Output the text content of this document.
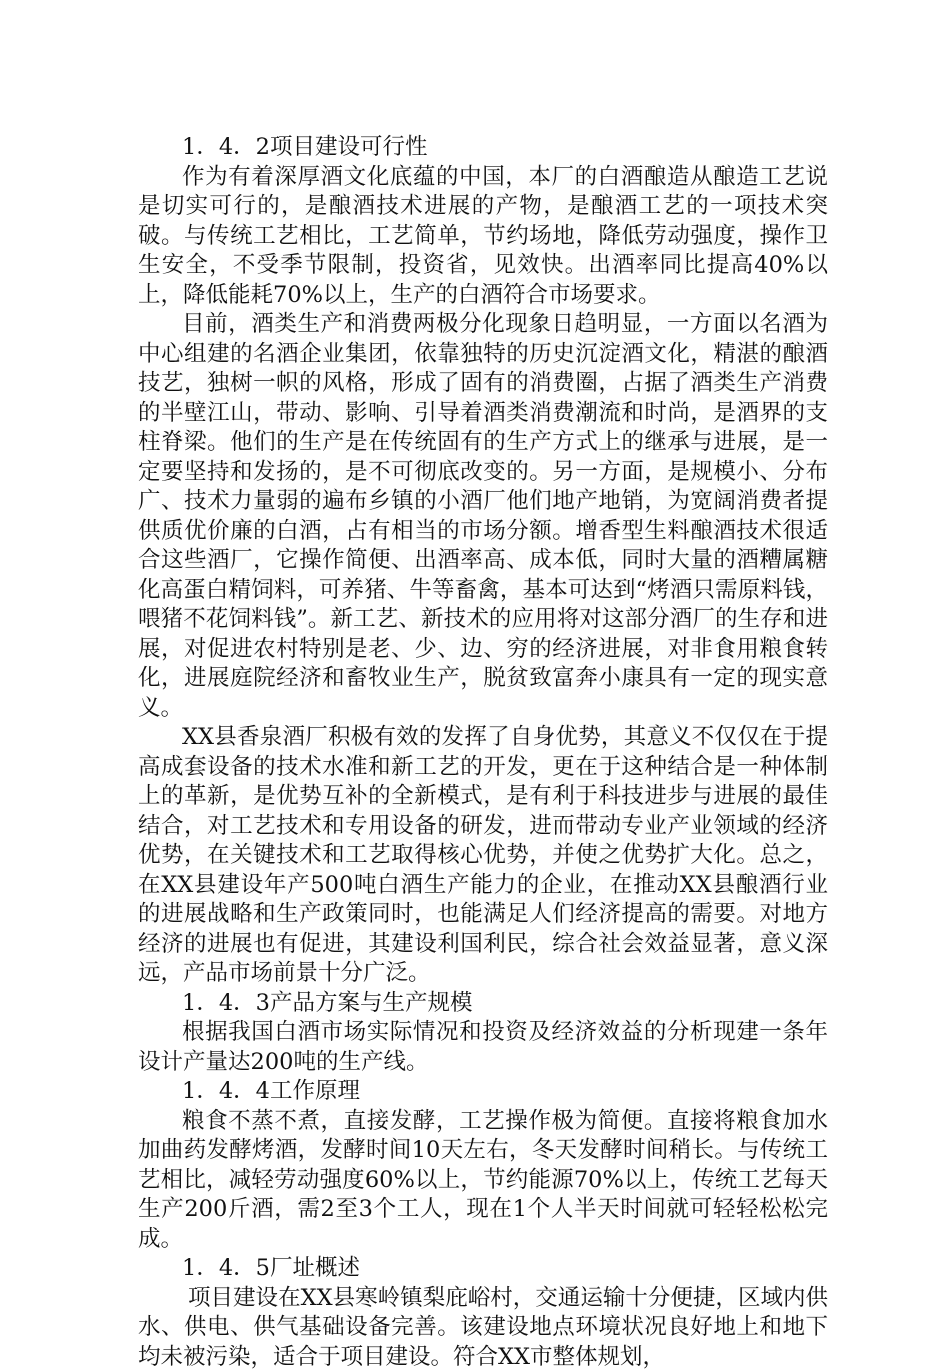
1．4．2项目建设可行性

作为有着深厚酒文化底蕴的中国，本厂的白酒酿造从酿造工艺说是切实可行的，是酿酒技术进展的产物，是酿酒工艺的一项技术突破。与传统工艺相比，工艺简单，节约场地，降低劳动强度，操作卫生安全，不受季节限制，投资省，见效快。出酒率同比提高40%以上，降低能耗70%以上，生产的白酒符合市场要求。

目前，酒类生产和消费两极分化现象日趋明显，一方面以名酒为中心组建的名酒企业集团，依靠独特的历史沉淀酒文化，精湛的酿酒技艺，独树一帜的风格，形成了固有的消费圈，占据了酒类生产消费的半壁江山，带动、影响、引导着酒类消费潮流和时尚，是酒界的支柱脊梁。他们的生产是在传统固有的生产方式上的继承与进展，是一定要坚持和发扬的，是不可彻底改变的。另一方面，是规模小、分布广、技术力量弱的遍布乡镇的小酒厂他们地产地销，为宽阔消费者提供质优价廉的白酒，占有相当的市场分额。增香型生料酿酒技术很适合这些酒厂，它操作简便、出酒率高、成本低，同时大量的酒糟属糖化高蛋白精饲料，可养猪、牛等畜禽，基本可达到“烤酒只需原料钱，喂猪不花饲料钱”。新工艺、新技术的应用将对这部分酒厂的生存和进展，对促进农村特别是老、少、边、穷的经济进展，对非食用粮食转化，进展庭院经济和畜牧业生产，脱贫致富奔小康具有一定的现实意义。

XX县香泉酒厂积极有效的发挥了自身优势，其意义不仅仅在于提高成套设备的技术水准和新工艺的开发，更在于这种结合是一种体制上的革新，是优势互补的全新模式，是有利于科技进步与进展的最佳结合，对工艺技术和专用设备的研发，进而带动专业产业领域的经济优势，在关键技术和工艺取得核心优势，并使之优势扩大化。总之，在XX县建设年产500吨白酒生产能力的企业，在推动XX县酿酒行业的进展战略和生产政策同时，也能满足人们经济提高的需要。对地方经济的进展也有促进，其建设利国利民，综合社会效益显著，意义深远，产品市场前景十分广泛。

1．4．3产品方案与生产规模

根据我国白酒市场实际情况和投资及经济效益的分析现建一条年设计产量达200吨的生产线。

1．4．4工作原理

粮食不蒸不煮，直接发酵，工艺操作极为简便。直接将粮食加水加曲药发酵烤酒，发酵时间10天左右，冬天发酵时间稍长。与传统工艺相比，减轻劳动强度60%以上，节约能源70%以上，传统工艺每天生产200斤酒，需2至3个工人，现在1个人半天时间就可轻轻松松完成。

1．4．5厂址概述

项目建设在XX县寒岭镇梨庇峪村，交通运输十分便捷，区域内供水、供电、供气基础设备完善。该建设地点环境状况良好地上和地下均未被污染，适合于项目建设。符合XX市整体规划，
